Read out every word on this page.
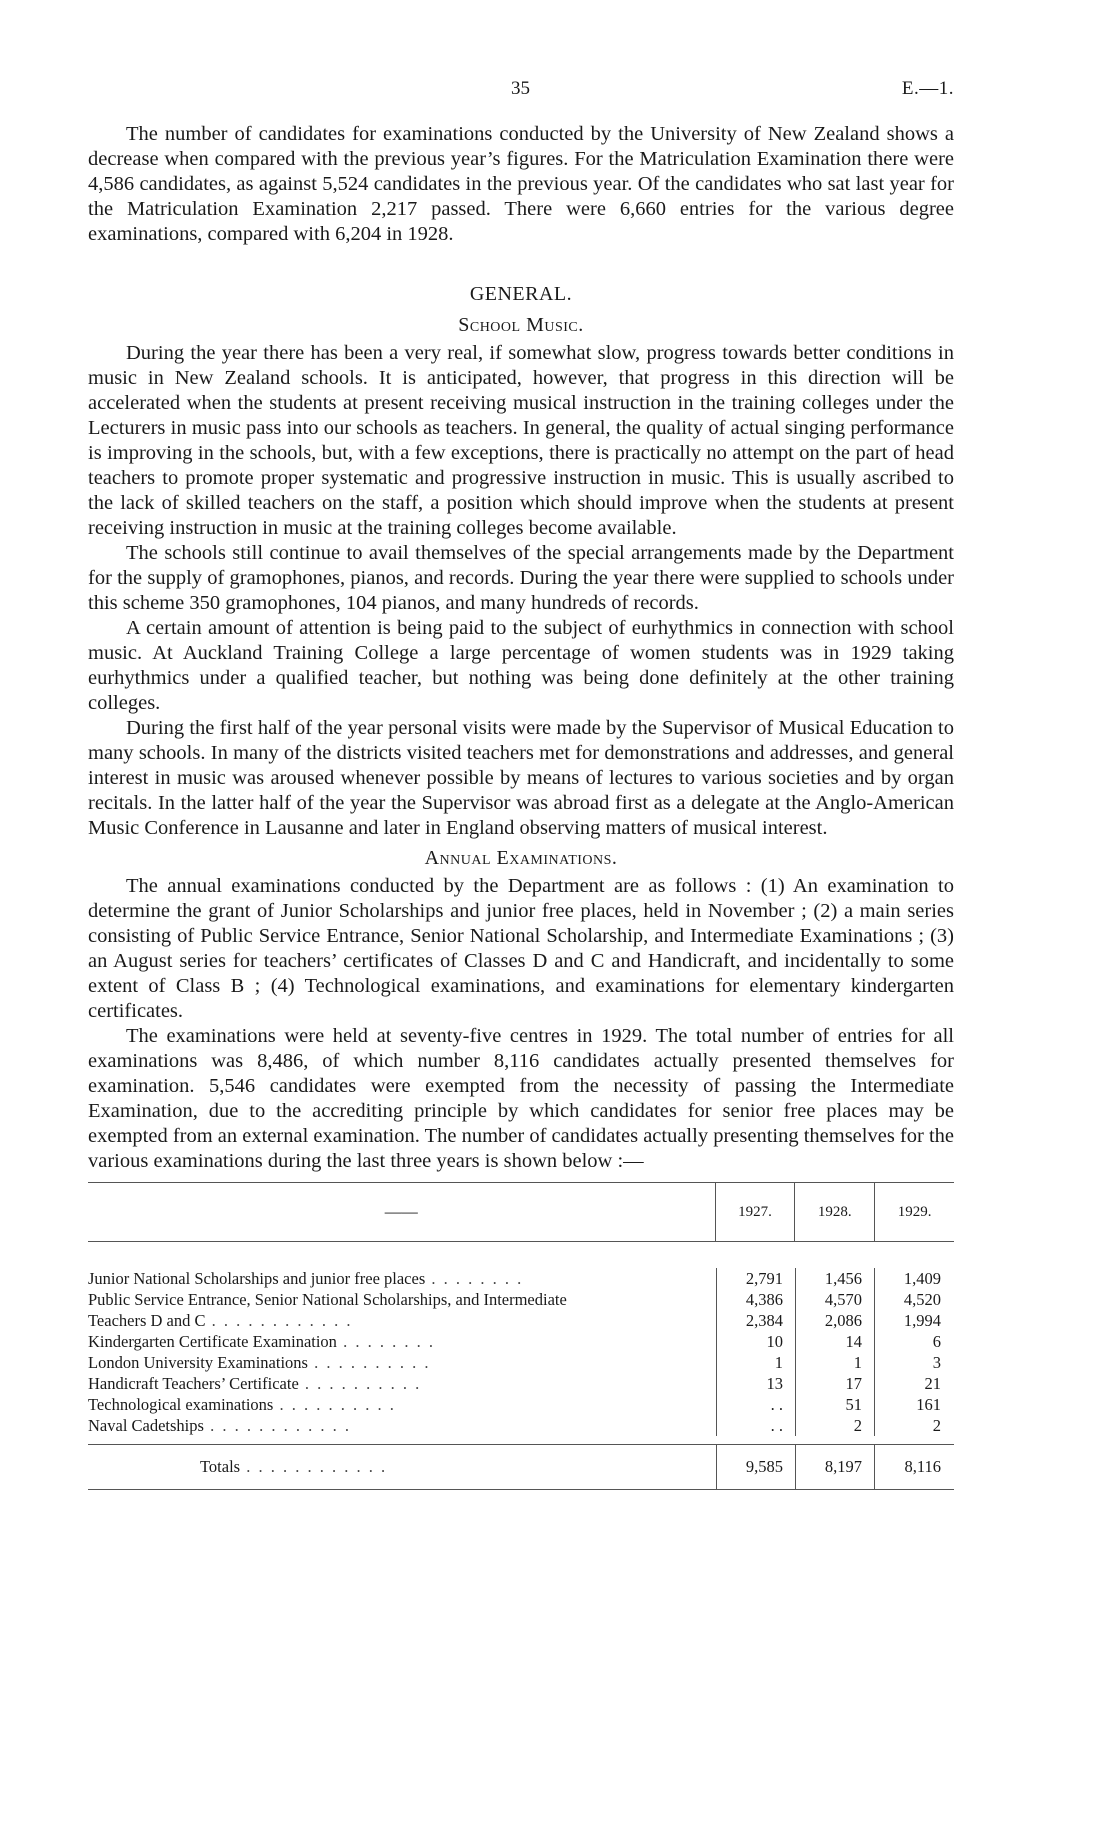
35	E.—1.

The number of candidates for examinations conducted by the University of New Zealand shows a decrease when compared with the previous year’s figures. For the Matriculation Examination there were 4,586 candidates, as against 5,524 candidates in the previous year. Of the candidates who sat last year for the Matriculation Examination 2,217 passed. There were 6,660 entries for the various degree examinations, compared with 6,204 in 1928.

GENERAL.
School Music.

During the year there has been a very real, if somewhat slow, progress towards better conditions in music in New Zealand schools. It is anticipated, however, that progress in this direction will be accelerated when the students at present receiving musical instruction in the training colleges under the Lecturers in music pass into our schools as teachers. In general, the quality of actual singing performance is improving in the schools, but, with a few exceptions, there is practically no attempt on the part of head teachers to promote proper systematic and progressive instruction in music. This is usually ascribed to the lack of skilled teachers on the staff, a position which should improve when the students at present receiving instruction in music at the training colleges become available.

The schools still continue to avail themselves of the special arrangements made by the Department for the supply of gramophones, pianos, and records. During the year there were supplied to schools under this scheme 350 gramophones, 104 pianos, and many hundreds of records.

A certain amount of attention is being paid to the subject of eurhythmics in connection with school music. At Auckland Training College a large percentage of women students was in 1929 taking eurhythmics under a qualified teacher, but nothing was being done definitely at the other training colleges.

During the first half of the year personal visits were made by the Supervisor of Musical Education to many schools. In many of the districts visited teachers met for demonstrations and addresses, and general interest in music was aroused whenever possible by means of lectures to various societies and by organ recitals. In the latter half of the year the Supervisor was abroad first as a delegate at the Anglo-American Music Conference in Lausanne and later in England observing matters of musical interest.

Annual Examinations.

The annual examinations conducted by the Department are as follows : (1) An examination to determine the grant of Junior Scholarships and junior free places, held in November ; (2) a main series consisting of Public Service Entrance, Senior National Scholarship, and Intermediate Examinations ; (3) an August series for teachers’ certificates of Classes D and C and Handicraft, and incidentally to some extent of Class B ; (4) Technological examinations, and examinations for elementary kindergarten certificates.

The examinations were held at seventy-five centres in 1929. The total number of entries for all examinations was 8,486, of which number 8,116 candidates actually presented themselves for examination. 5,546 candidates were exempted from the necessity of passing the Intermediate Examination, due to the accrediting principle by which candidates for senior free places may be exempted from an external examination. The number of candidates actually presenting themselves for the various examinations during the last three years is shown below :—

——	1927.	1928.	1929.
Junior National Scholarships and junior free places . . . . . . . .	2,791	1,456	1,409
Public Service Entrance, Senior National Scholarships, and Intermediate	4,386	4,570	4,520
Teachers D and C . . . . . . . . . . . .	2,384	2,086	1,994
Kindergarten Certificate Examination . . . . . . . .	10	14	6
London University Examinations . . . . . . . . . .	1	1	3
Handicraft Teachers’ Certificate . . . . . . . . . .	13	17	21
Technological examinations . . . . . . . . . .	. .	51	161
Naval Cadetships . . . . . . . . . . . .	. .	2	2
Totals . . . . . . . . . . . .	9,585	8,197	8,116
